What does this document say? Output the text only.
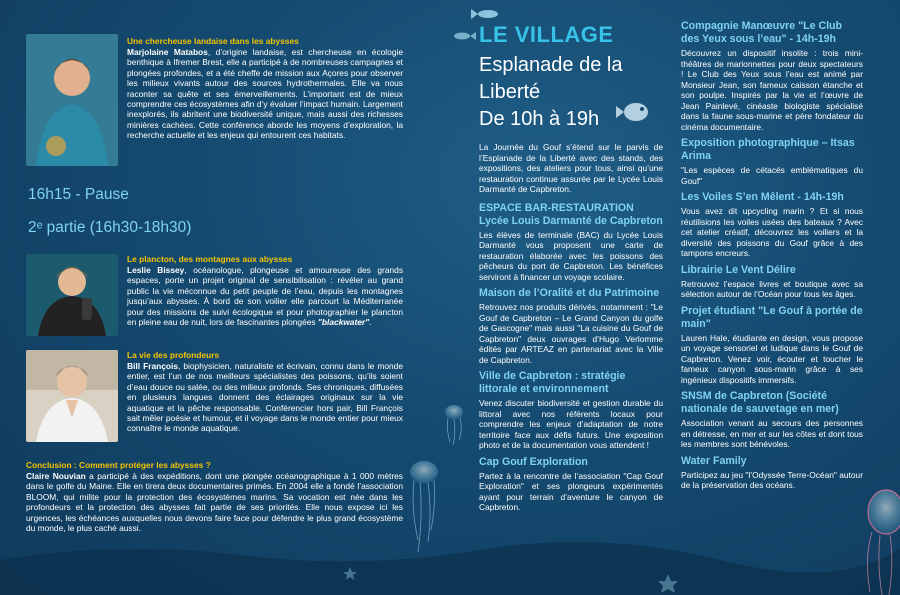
Une chercheuse landaise dans les abysses

Marjolaine Matabos, d’origine landaise, est chercheuse en écologie benthique à Ifremer Brest, elle a participé à de nombreuses campagnes et plongées profondes, et a été cheffe de mission aux Açores pour observer les milieux vivants autour des sources hydrothermales. Elle va nous raconter sa quête et ses émerveillements. L’important est de mieux comprendre ces écosystèmes afin d’y évaluer l’impact humain. Largement inexplorés, ils abritent une biodiversité unique, mais aussi des richesses minières cachées. Cette conférence aborde les moyens d’exploration, la recherche actuelle et les enjeux qui entourent ces habitats.

16h15 - Pause
2ᵉ partie (16h30-18h30)

Le plancton, des montagnes aux abysses

Leslie Bissey, océanologue, plongeuse et amoureuse des grands espaces, porte un projet original de sensibilisation : révéler au grand public la vie méconnue du petit peuple de l’eau, depuis les montagnes jusqu’aux abysses. À bord de son voilier elle parcourt la Méditerranée pour des missions de suivi écologique et pour photographier le plancton en pleine eau de nuit, lors de fascinantes plongées "blackwater".

La vie des profondeurs

Bill François, biophysicien, naturaliste et écrivain, connu dans le monde entier, est l’un de nos meilleurs spécialistes des poissons, qu’ils soient d’eau douce ou salée, ou des milieux profonds. Ses chroniques, diffusées en plusieurs langues donnent des éclairages originaux sur la vie aquatique et la pêche responsable. Conférencier hors pair, Bill François sait mêler poésie et humour, et il voyage dans le monde entier pour mieux connaître le monde aquatique.

Conclusion : Comment protéger les abysses ?

Claire Nouvian a participé à des expéditions, dont une plongée océanographique à 1 000 mètres dans le golfe du Maine. Elle en tirera deux documentaires primés. En 2004 elle a fondé l’association BLOOM, qui milite pour la protection des écosystèmes marins. Sa vocation est née dans les profondeurs et la protection des abysses fait partie de ses priorités. Elle nous expose ici les urgences, les échéances auxquelles nous devons faire face pour défendre le plus grand écosystème du monde, le plus caché aussi.

LE VILLAGE
Esplanade de la
Liberté
De 10h à 19h

La Journée du Gouf s’étend sur le parvis de l’Esplanade de la Liberté avec des stands, des expositions, des ateliers pour tous, ainsi qu’une restauration continue assurée par le Lycée Louis Darmanté de Capbreton.

ESPACE BAR-RESTAURATION Lycée Louis Darmanté de Capbreton

Les élèves de terminale (BAC) du Lycée Louis Darmanté vous proposent une carte de restauration élaborée avec les poissons des pêcheurs du port de Capbreton. Les bénéfices serviront à financer un voyage scolaire.

Maison de l’Oralité et du Patrimoine

Retrouvez nos produits dérivés, notamment : "Le Gouf de Capbreton – Le Grand Canyon du golfe de Gascogne" mais aussi "La cuisine du Gouf de Capbreton" deux ouvrages d’Hugo Verlomme édités par ARTEAZ en partenariat avec la Ville de Capbreton.

Ville de Capbreton : stratégie littorale et environnement

Venez discuter biodiversité et gestion durable du littoral avec nos référents locaux pour comprendre les enjeux d’adaptation de notre territoire face aux défis futurs. Une exposition photo et de la documentation vous attendent !

Cap Gouf Exploration

Partez à la rencontre de l’association "Cap Gouf Exploration" et ses plongeurs expérimentés ayant pour terrain d’aventure le canyon de Capbreton.

Compagnie Manœuvre "Le Club des Yeux sous l’eau" - 14h-19h

Découvrez un dispositif insolite : trois mini-théâtres de marionnettes pour deux spectateurs ! Le Club des Yeux sous l’eau est animé par Monsieur Jean, son fameux caisson étanche et son poulpe. Inspirés par la vie et l’œuvre de Jean Painlevé, cinéaste biologiste spécialisé dans la faune sous-marine et père fondateur du cinéma documentaire.

Exposition photographique – Itsas Arima

"Les espèces de cétacés emblématiques du Gouf"

Les Voiles S’en Mêlent - 14h-19h

Vous avez dit upcycling marin ? Et si nous réutilisions les voiles usées des bateaux ? Avec cet atelier créatif, découvrez les voiliers et la diversité des poissons du Gouf grâce à des tampons encreurs.

Librairie Le Vent Délire

Retrouvez l’espace livres et boutique avec sa sélection autour de l’Océan pour tous les âges.

Projet étudiant "Le Gouf à portée de main"

Lauren Hale, étudiante en design, vous propose un voyage sensoriel et ludique dans le Gouf de Capbreton. Venez voir, écouter et toucher le fameux canyon sous-marin grâce à ses ingénieux dispositifs immersifs.

SNSM de Capbreton (Société nationale de sauvetage en mer)

Association venant au secours des personnes en détresse, en mer et sur les côtes et dont tous les membres sont bénévoles.

Water Family

Participez au jeu "l’Odyssée Terre-Océan" autour de la préservation des océans.
